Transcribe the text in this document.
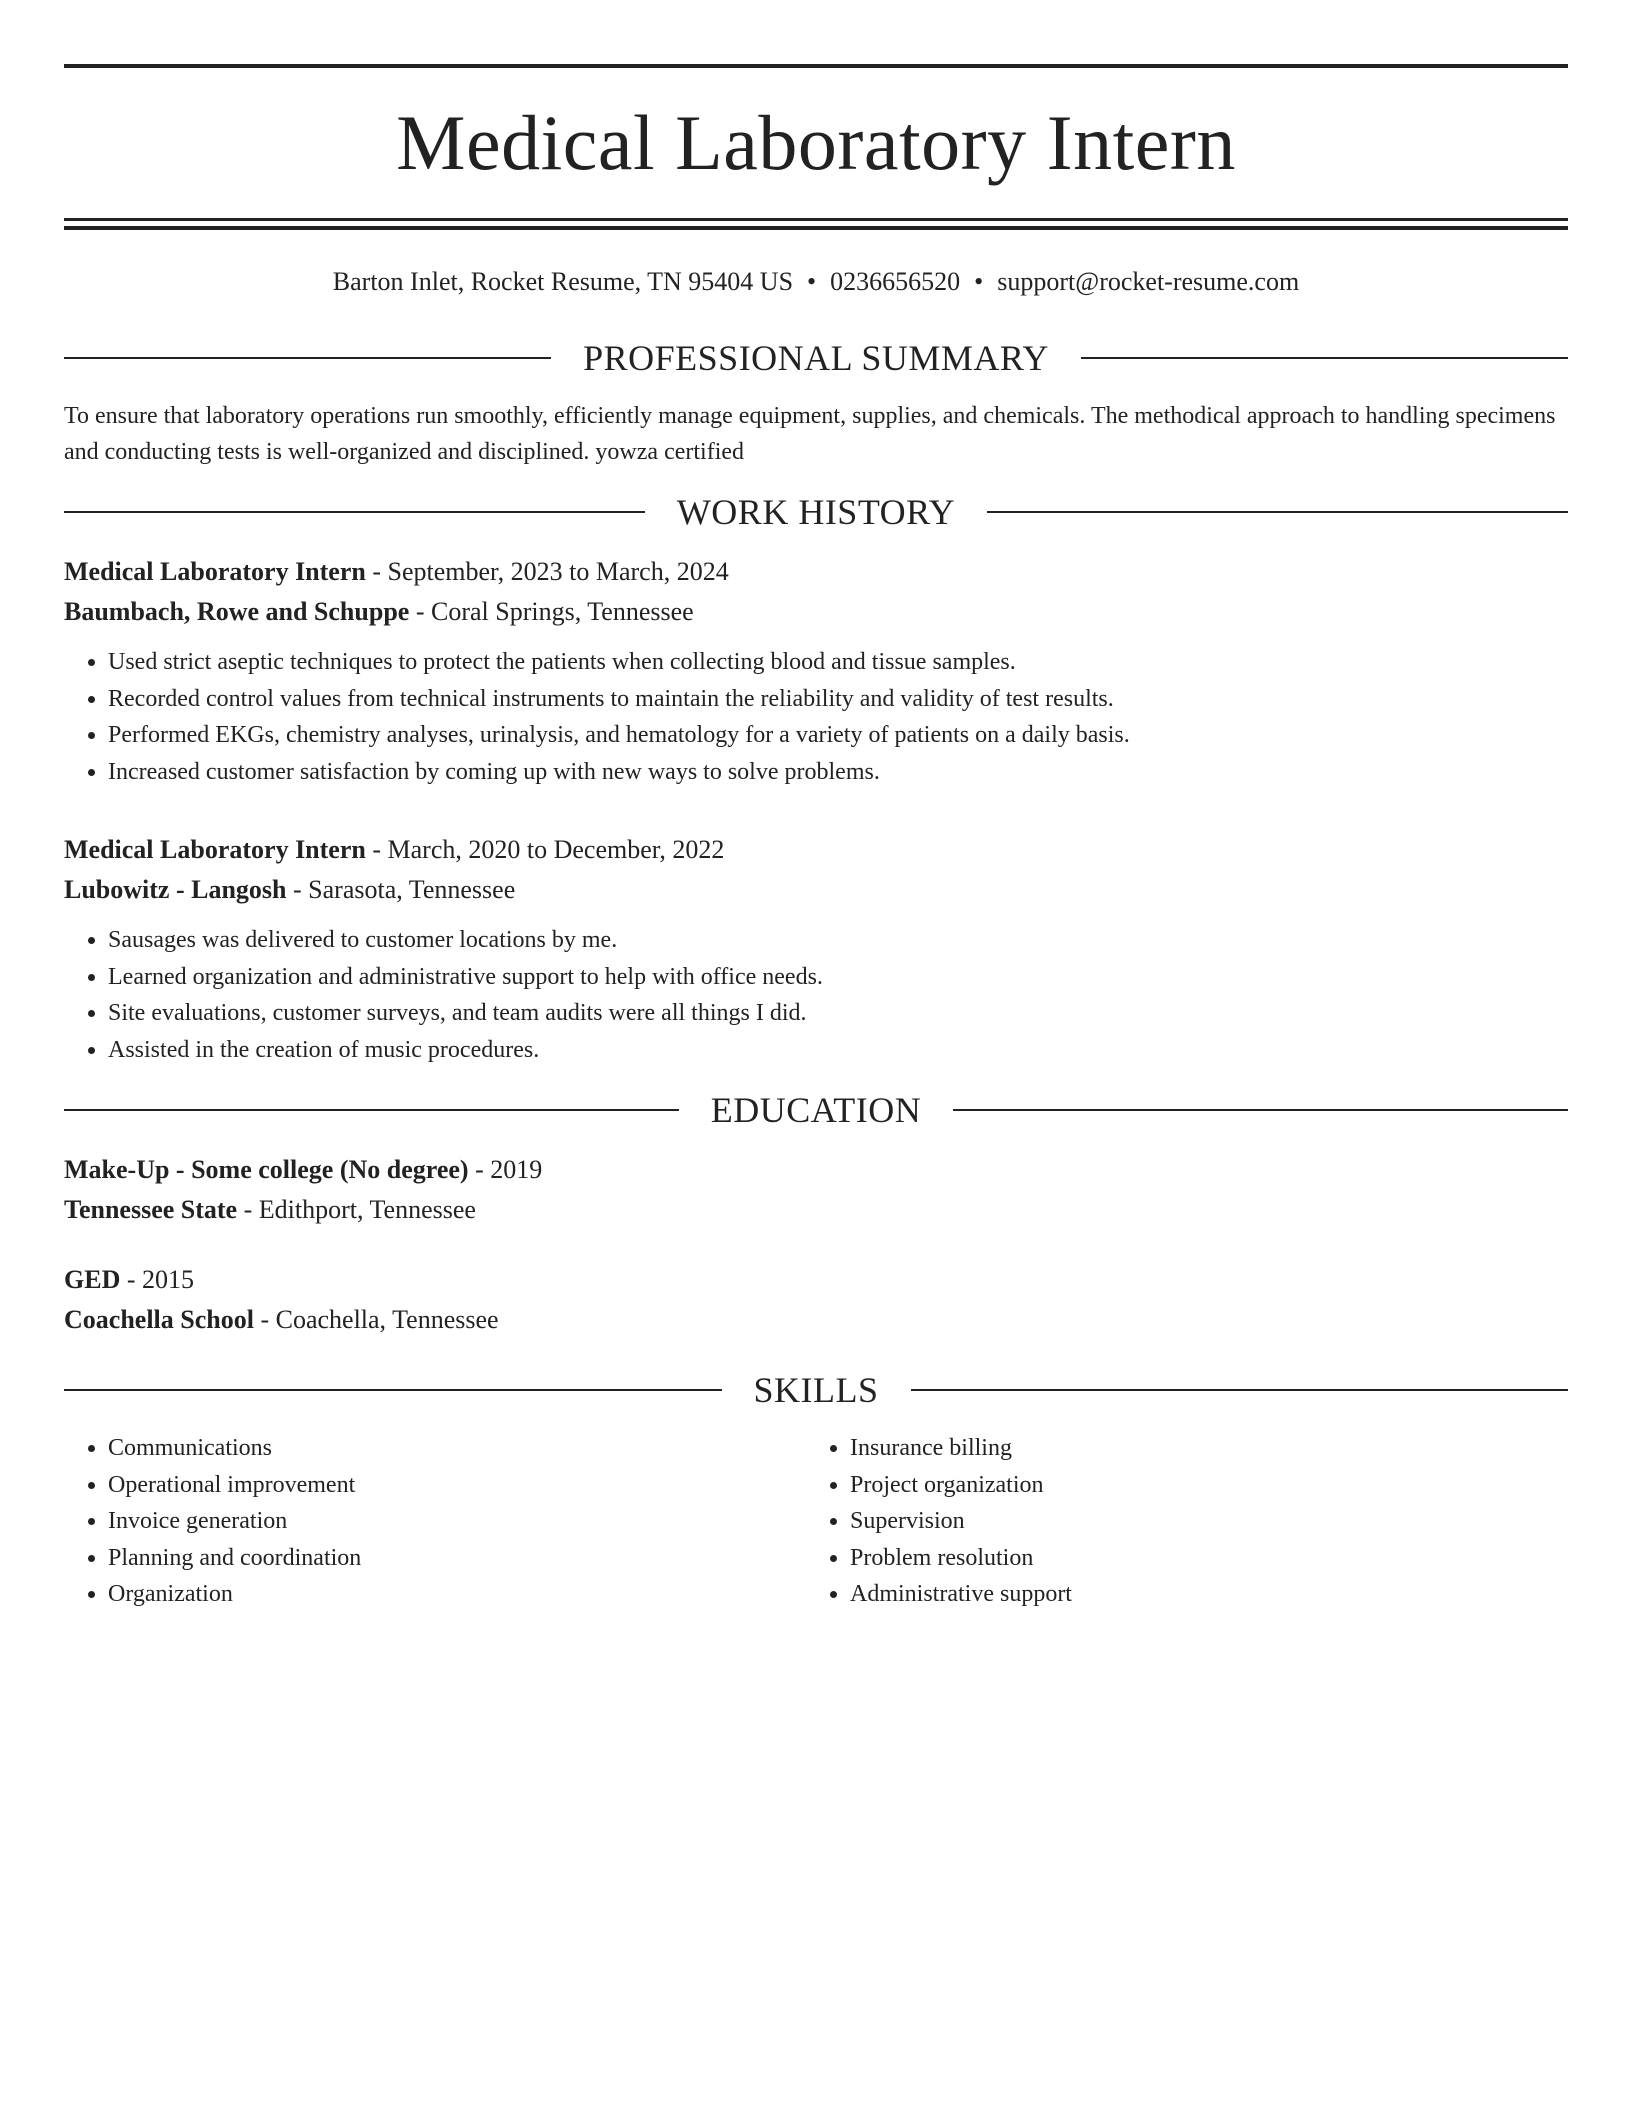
Medical Laboratory Intern
Barton Inlet, Rocket Resume, TN 95404 US • 0236656520 • support@rocket-resume.com
PROFESSIONAL SUMMARY
To ensure that laboratory operations run smoothly, efficiently manage equipment, supplies, and chemicals. The methodical approach to handling specimens and conducting tests is well-organized and disciplined. yowza certified
WORK HISTORY
Medical Laboratory Intern - September, 2023 to March, 2024
Baumbach, Rowe and Schuppe - Coral Springs, Tennessee
• Used strict aseptic techniques to protect the patients when collecting blood and tissue samples.
• Recorded control values from technical instruments to maintain the reliability and validity of test results.
• Performed EKGs, chemistry analyses, urinalysis, and hematology for a variety of patients on a daily basis.
• Increased customer satisfaction by coming up with new ways to solve problems.
Medical Laboratory Intern - March, 2020 to December, 2022
Lubowitz - Langosh - Sarasota, Tennessee
• Sausages was delivered to customer locations by me.
• Learned organization and administrative support to help with office needs.
• Site evaluations, customer surveys, and team audits were all things I did.
• Assisted in the creation of music procedures.
EDUCATION
Make-Up - Some college (No degree) - 2019
Tennessee State - Edithport, Tennessee
GED - 2015
Coachella School - Coachella, Tennessee
SKILLS
• Communications
• Operational improvement
• Invoice generation
• Planning and coordination
• Organization
• Insurance billing
• Project organization
• Supervision
• Problem resolution
• Administrative support
